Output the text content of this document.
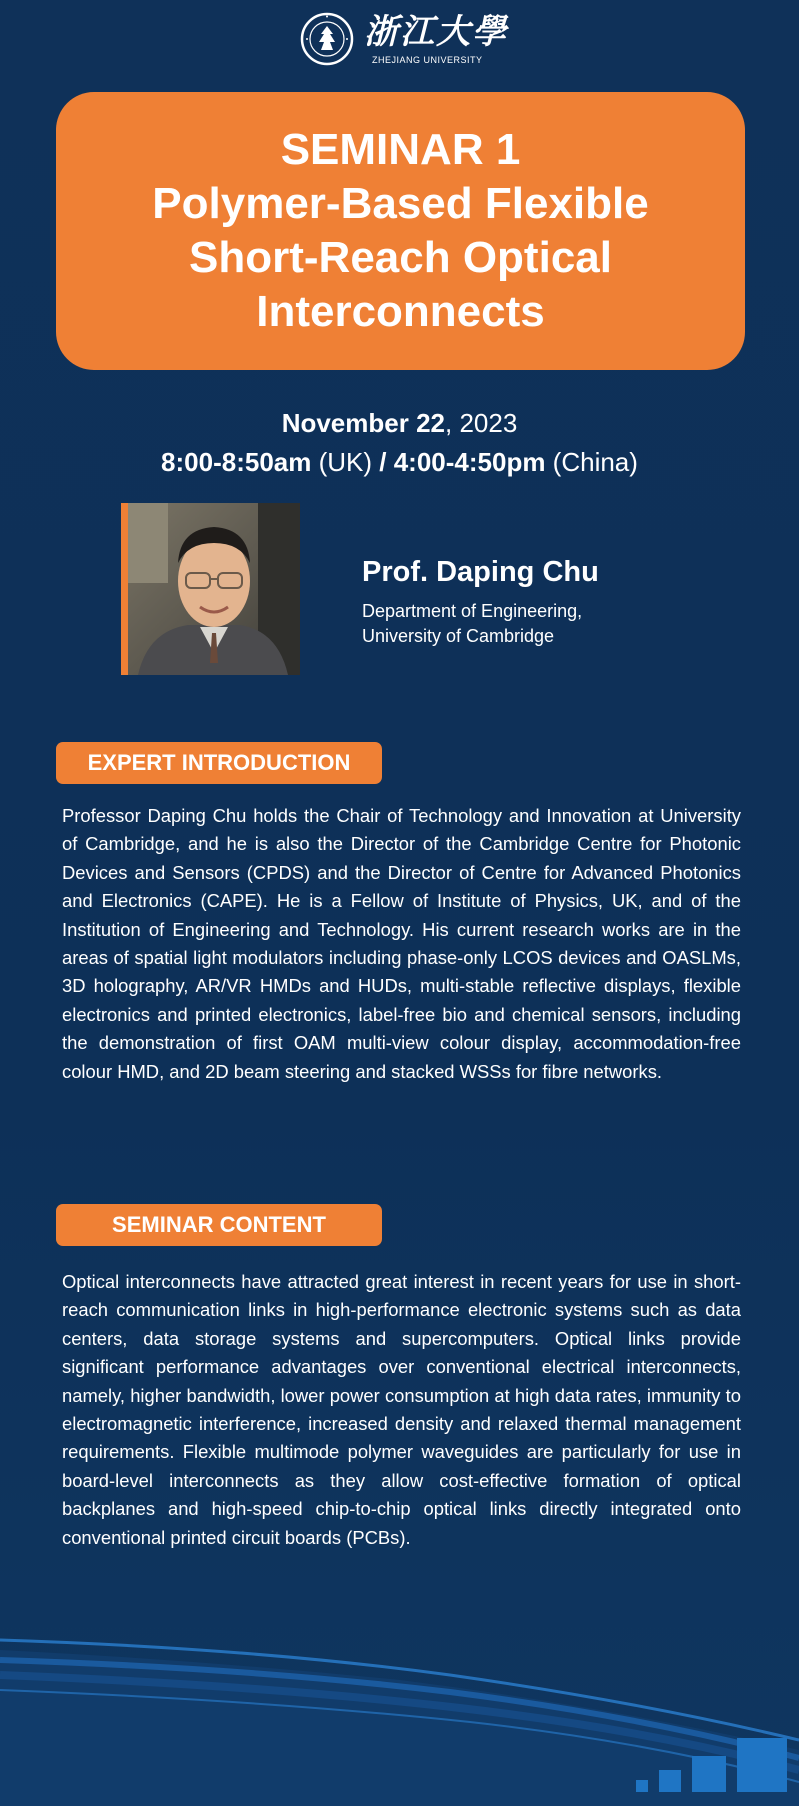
浙江大學
ZHEJIANG UNIVERSITY
SEMINAR 1
Polymer-Based Flexible
Short-Reach Optical
Interconnects
November 22, 2023
8:00-8:50am (UK) / 4:00-4:50pm (China)
Prof. Daping Chu
Department of Engineering,
University of Cambridge
EXPERT INTRODUCTION
Professor Daping Chu holds the Chair of Technology and Innovation at University of Cambridge, and he is also the Director of the Cambridge Centre for Photonic Devices and Sensors (CPDS) and the Director of Centre for Advanced Photonics and Electronics (CAPE). He is a Fellow of Institute of Physics, UK, and of the Institution of Engineering and Technology. His current research works are in the areas of spatial light modulators including phase-only LCOS devices and OASLMs, 3D holography, AR/VR HMDs and HUDs, multi-stable reflective displays, flexible electronics and printed electronics, label-free bio and chemical sensors, including the demonstration of first OAM multi-view colour display, accommodation-free colour HMD, and 2D beam steering and stacked WSSs for fibre networks.
SEMINAR CONTENT
Optical interconnects have attracted great interest in recent years for use in short-reach communication links in high-performance electronic systems such as data centers, data storage systems and supercomputers. Optical links provide significant performance advantages over conventional electrical interconnects, namely, higher bandwidth, lower power consumption at high data rates, immunity to electromagnetic interference, increased density and relaxed thermal management requirements. Flexible multimode polymer waveguides are particularly for use in board-level interconnects as they allow cost-effective formation of optical backplanes and high-speed chip-to-chip optical links directly integrated onto conventional printed circuit boards (PCBs).
